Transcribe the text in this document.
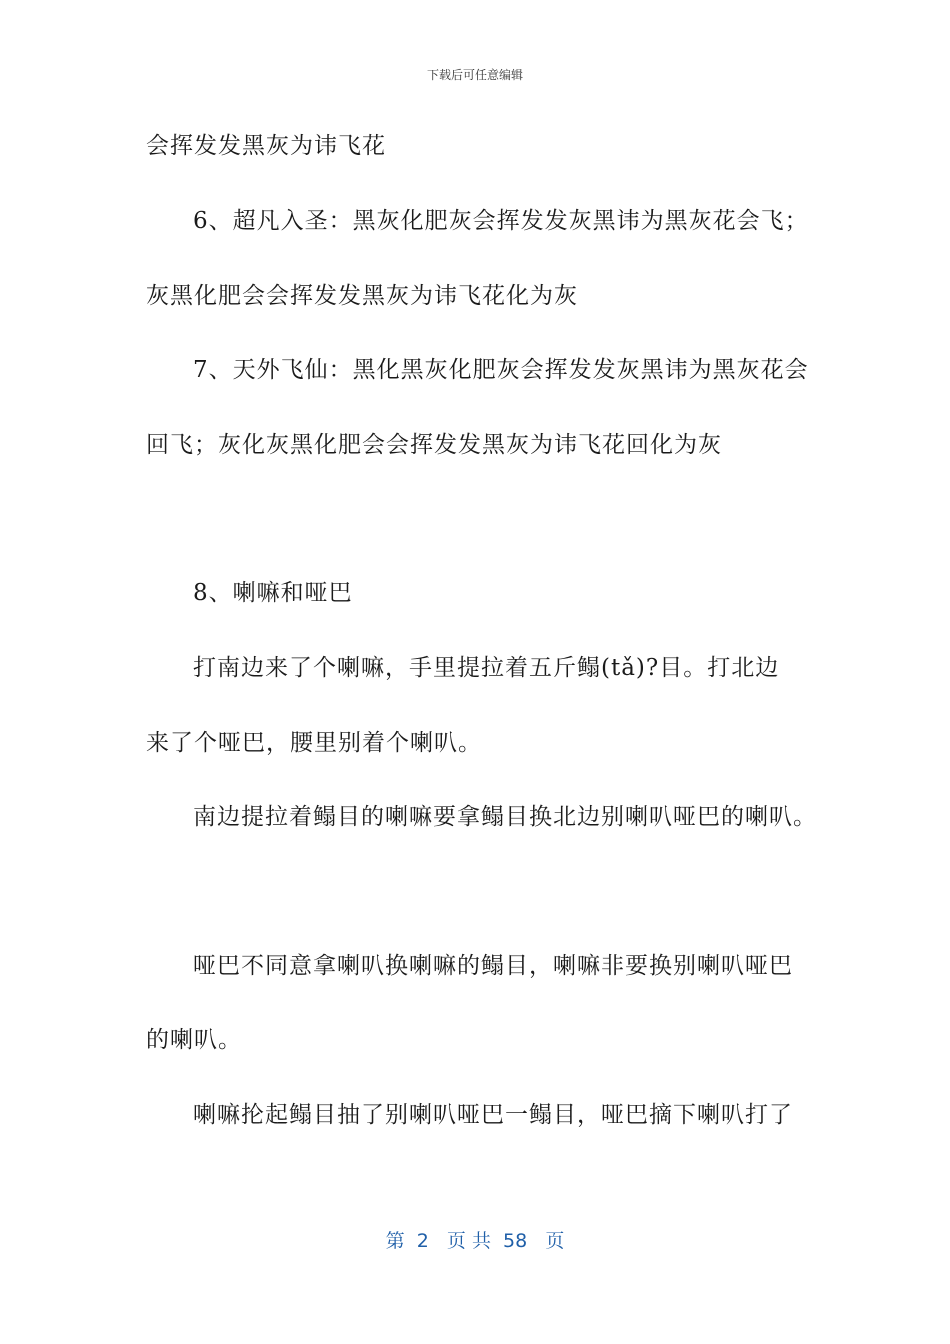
下载后可任意编辑
会挥发发黑灰为讳飞花
6、超凡入圣：黑灰化肥灰会挥发发灰黑讳为黑灰花会飞；
灰黑化肥会会挥发发黑灰为讳飞花化为灰
7、天外飞仙：黑化黑灰化肥灰会挥发发灰黑讳为黑灰花会
回飞；灰化灰黑化肥会会挥发发黑灰为讳飞花回化为灰
8、喇嘛和哑巴
打南边来了个喇嘛，手里提拉着五斤鳎(tǎ)?目。打北边
来了个哑巴，腰里别着个喇叭。
南边提拉着鳎目的喇嘛要拿鳎目换北边别喇叭哑巴的喇叭。
哑巴不同意拿喇叭换喇嘛的鳎目，喇嘛非要换别喇叭哑巴
的喇叭。
喇嘛抡起鳎目抽了别喇叭哑巴一鳎目，哑巴摘下喇叭打了
第  2   页 共  58   页
